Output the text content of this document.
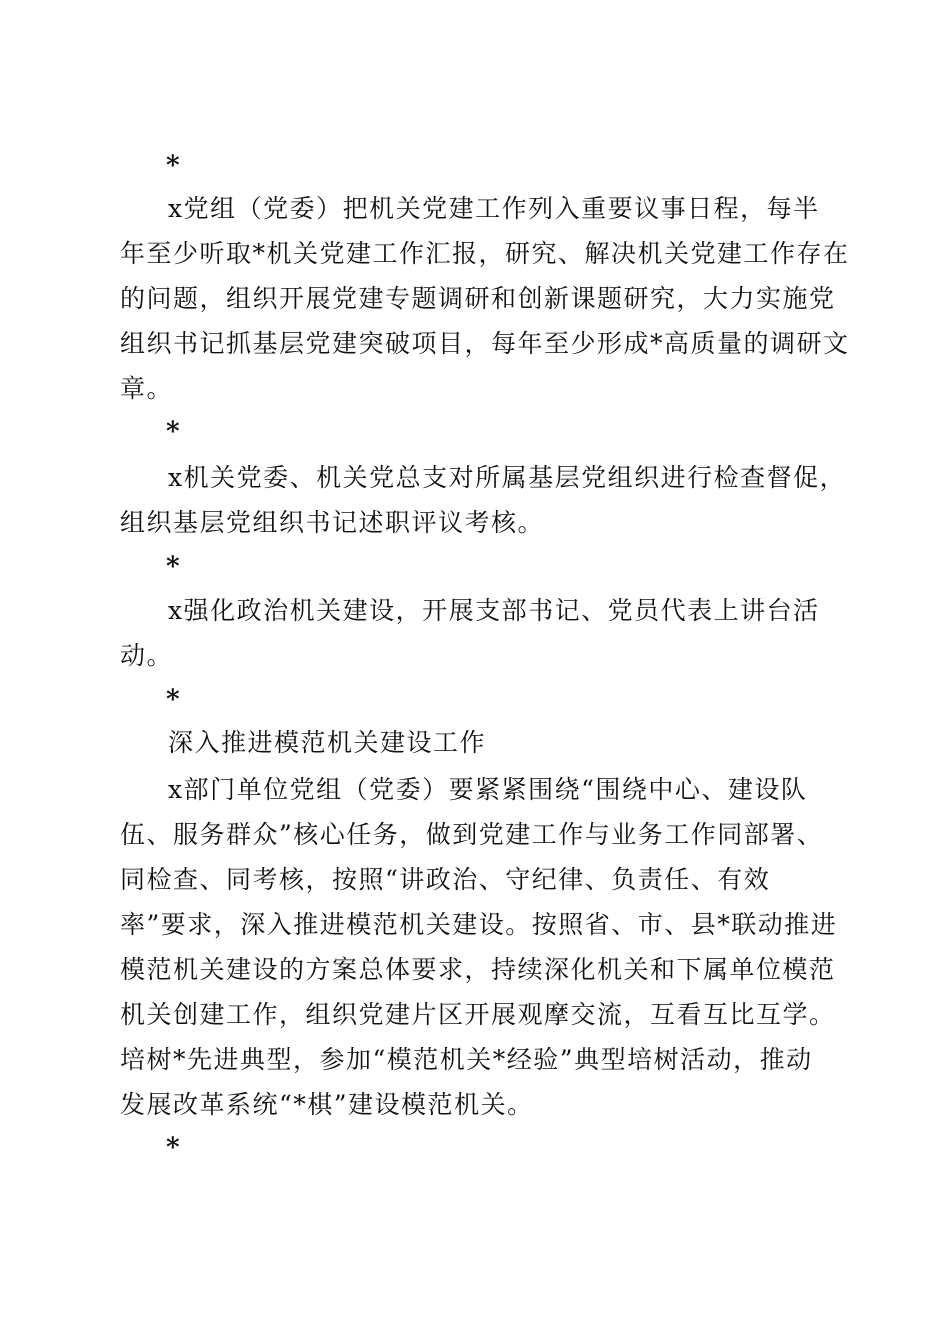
*
x党组（党委）把机关党建工作列入重要议事日程，每半
年至少听取*机关党建工作汇报，研究、解决机关党建工作存在
的问题，组织开展党建专题调研和创新课题研究，大力实施党
组织书记抓基层党建突破项目，每年至少形成*高质量的调研文
章。
*
x机关党委、机关党总支对所属基层党组织进行检查督促，
组织基层党组织书记述职评议考核。
*
x强化政治机关建设，开展支部书记、党员代表上讲台活
动。
*
深入推进模范机关建设工作
x部门单位党组（党委）要紧紧围绕“围绕中心、建设队
伍、服务群众”核心任务，做到党建工作与业务工作同部署、
同检查、同考核，按照“讲政治、守纪律、负责任、有效
率”要求，深入推进模范机关建设。按照省、市、县*联动推进
模范机关建设的方案总体要求，持续深化机关和下属单位模范
机关创建工作，组织党建片区开展观摩交流，互看互比互学。
培树*先进典型，参加“模范机关*经验”典型培树活动，推动
发展改革系统“*棋”建设模范机关。
*
